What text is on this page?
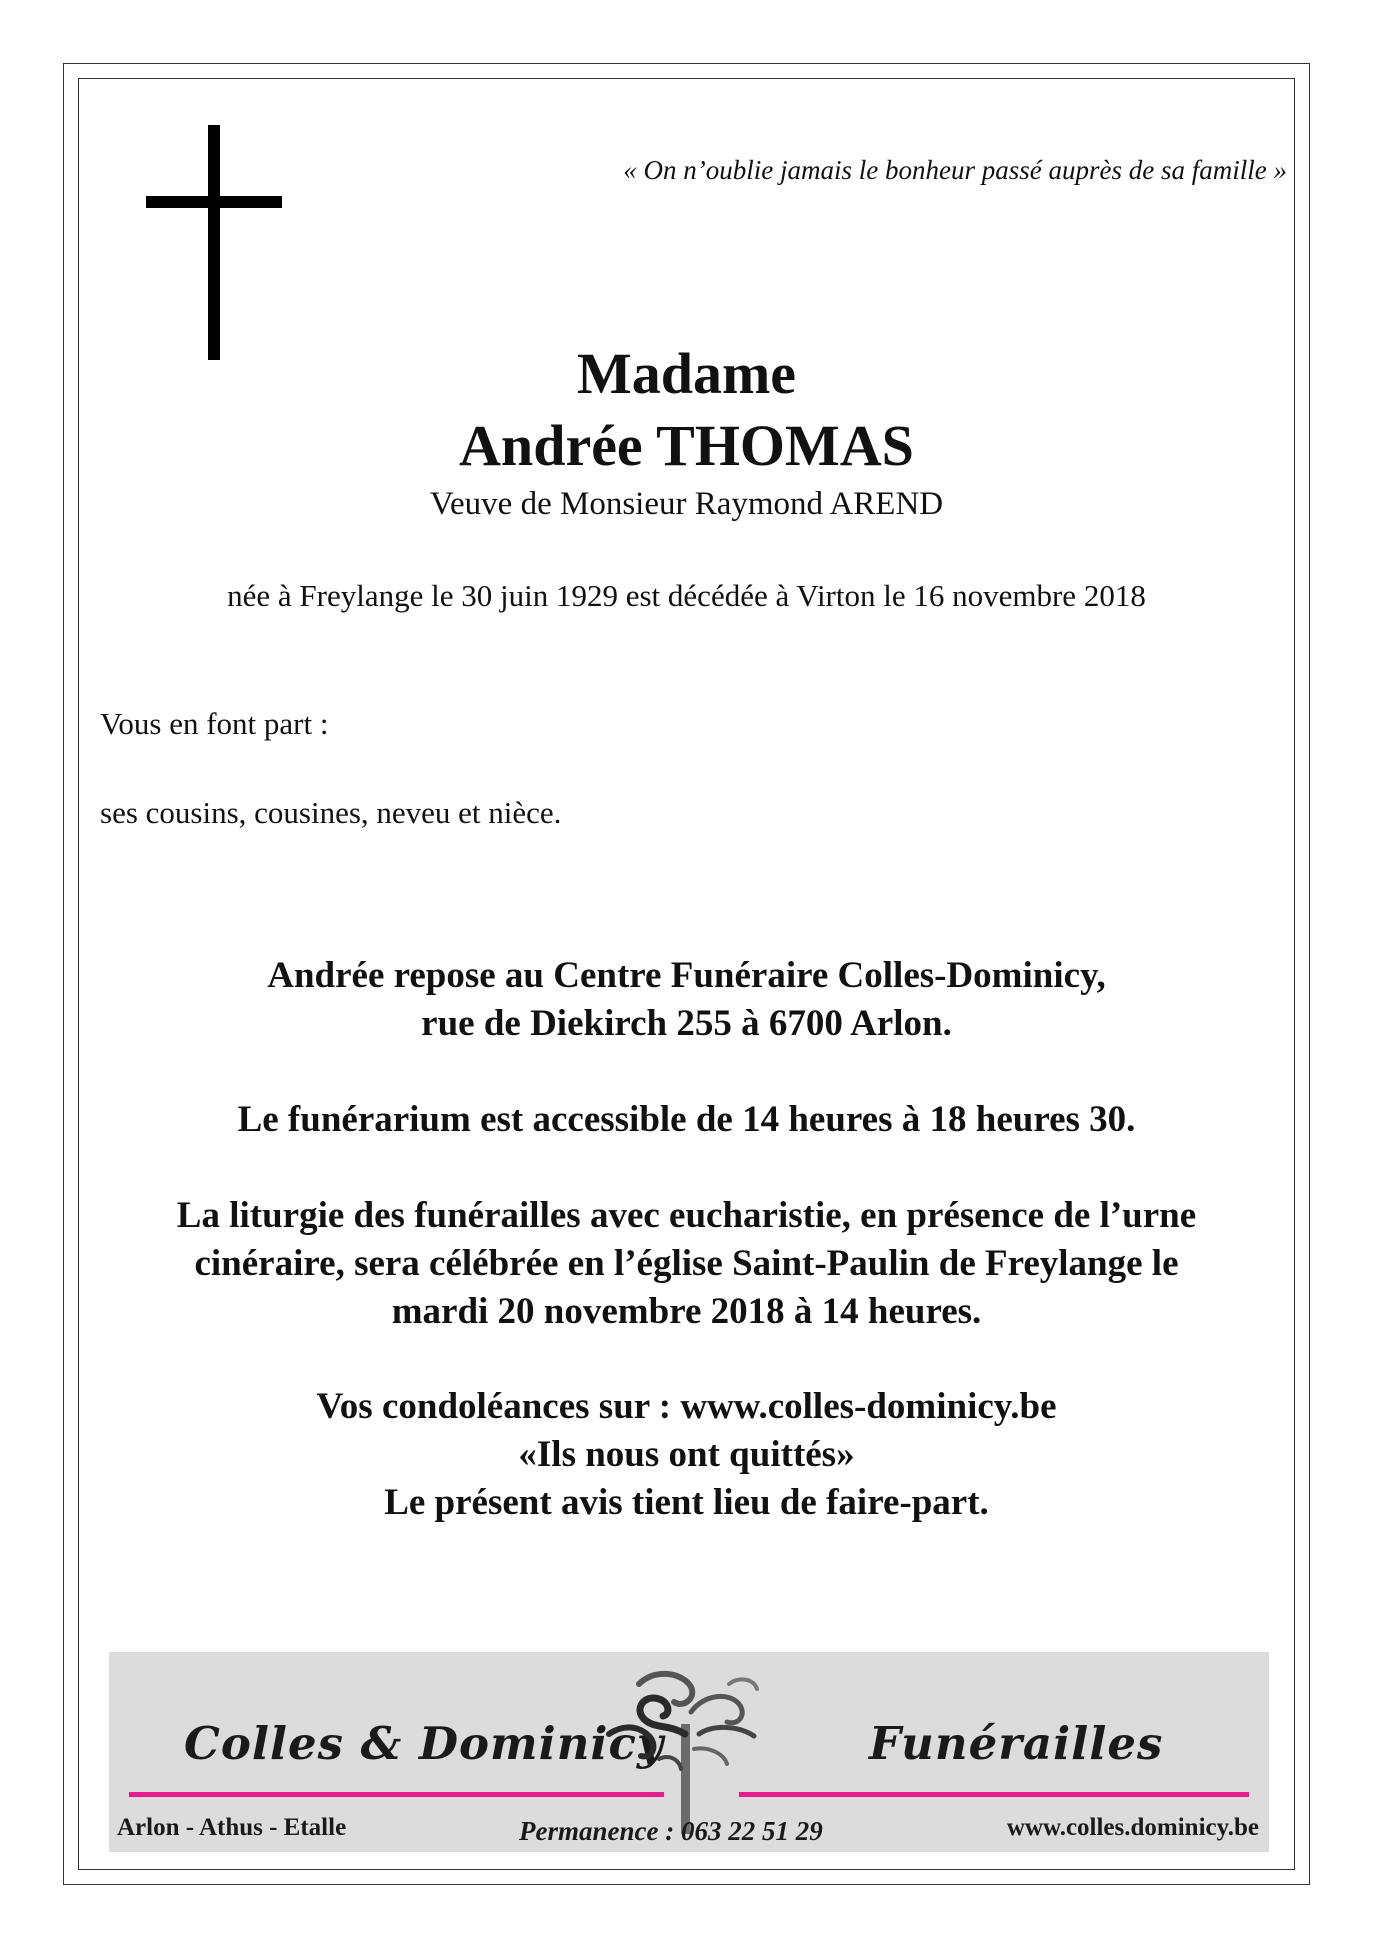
« On n’oublie jamais le bonheur passé auprès de sa famille »
Madame
Andrée THOMAS
Veuve de Monsieur Raymond AREND
née à Freylange le 30 juin 1929 est décédée à Virton le 16 novembre 2018
Vous en font part :
ses cousins, cousines, neveu et nièce.
Andrée repose au Centre Funéraire Colles-Dominicy,
rue de Diekirch 255 à 6700 Arlon.
Le funérarium est accessible de 14 heures à 18 heures 30.
La liturgie des funérailles avec eucharistie, en présence de l’urne
cinéraire, sera célébrée en l’église Saint-Paulin de Freylange le
mardi 20 novembre 2018 à 14 heures.
Vos condoléances sur : www.colles-dominicy.be
«Ils nous ont quittés»
Le présent avis tient lieu de faire-part.
Colles & Dominicy	Funérailles
Arlon - Athus - Etalle	Permanence : 063 22 51 29	www.colles.dominicy.be
